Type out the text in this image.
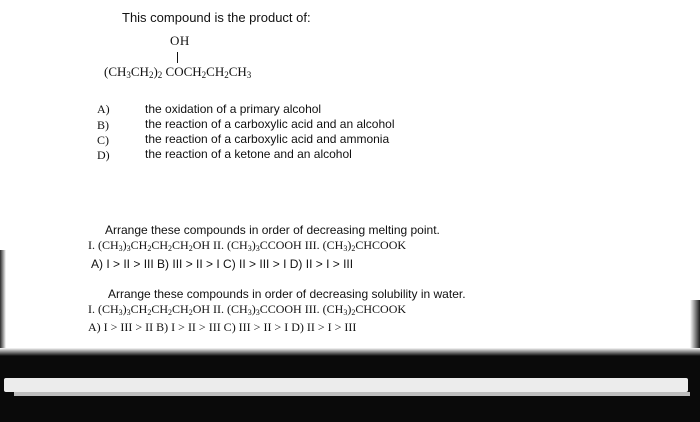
This compound is the product of:
OH
$(CH_3CH_2)_2$ $COCH_2CH_2CH_3$
A)	the oxidation of a primary alcohol
B)	the reaction of a carboxylic acid and an alcohol
C)	the reaction of a carboxylic acid and ammonia
D)	the reaction of a ketone and an alcohol
Arrange these compounds in order of decreasing melting point.
I. $(CH_3)_3CH_2CH_2CH_2OH$ II. $(CH_3)_3CCOOH$ III. $(CH_3)_2CHCOOK$
A) I > II > III B) III > II > I C) II > III > I D) II > I > III
Arrange these compounds in order of decreasing solubility in water.
I. $(CH_3)_3CH_2CH_2CH_2OH$ II. $(CH_3)_3CCOOH$ III. $(CH_3)_2CHCOOK$
A) I > III > II B) I > II > III C) III > II > I D) II > I > III
